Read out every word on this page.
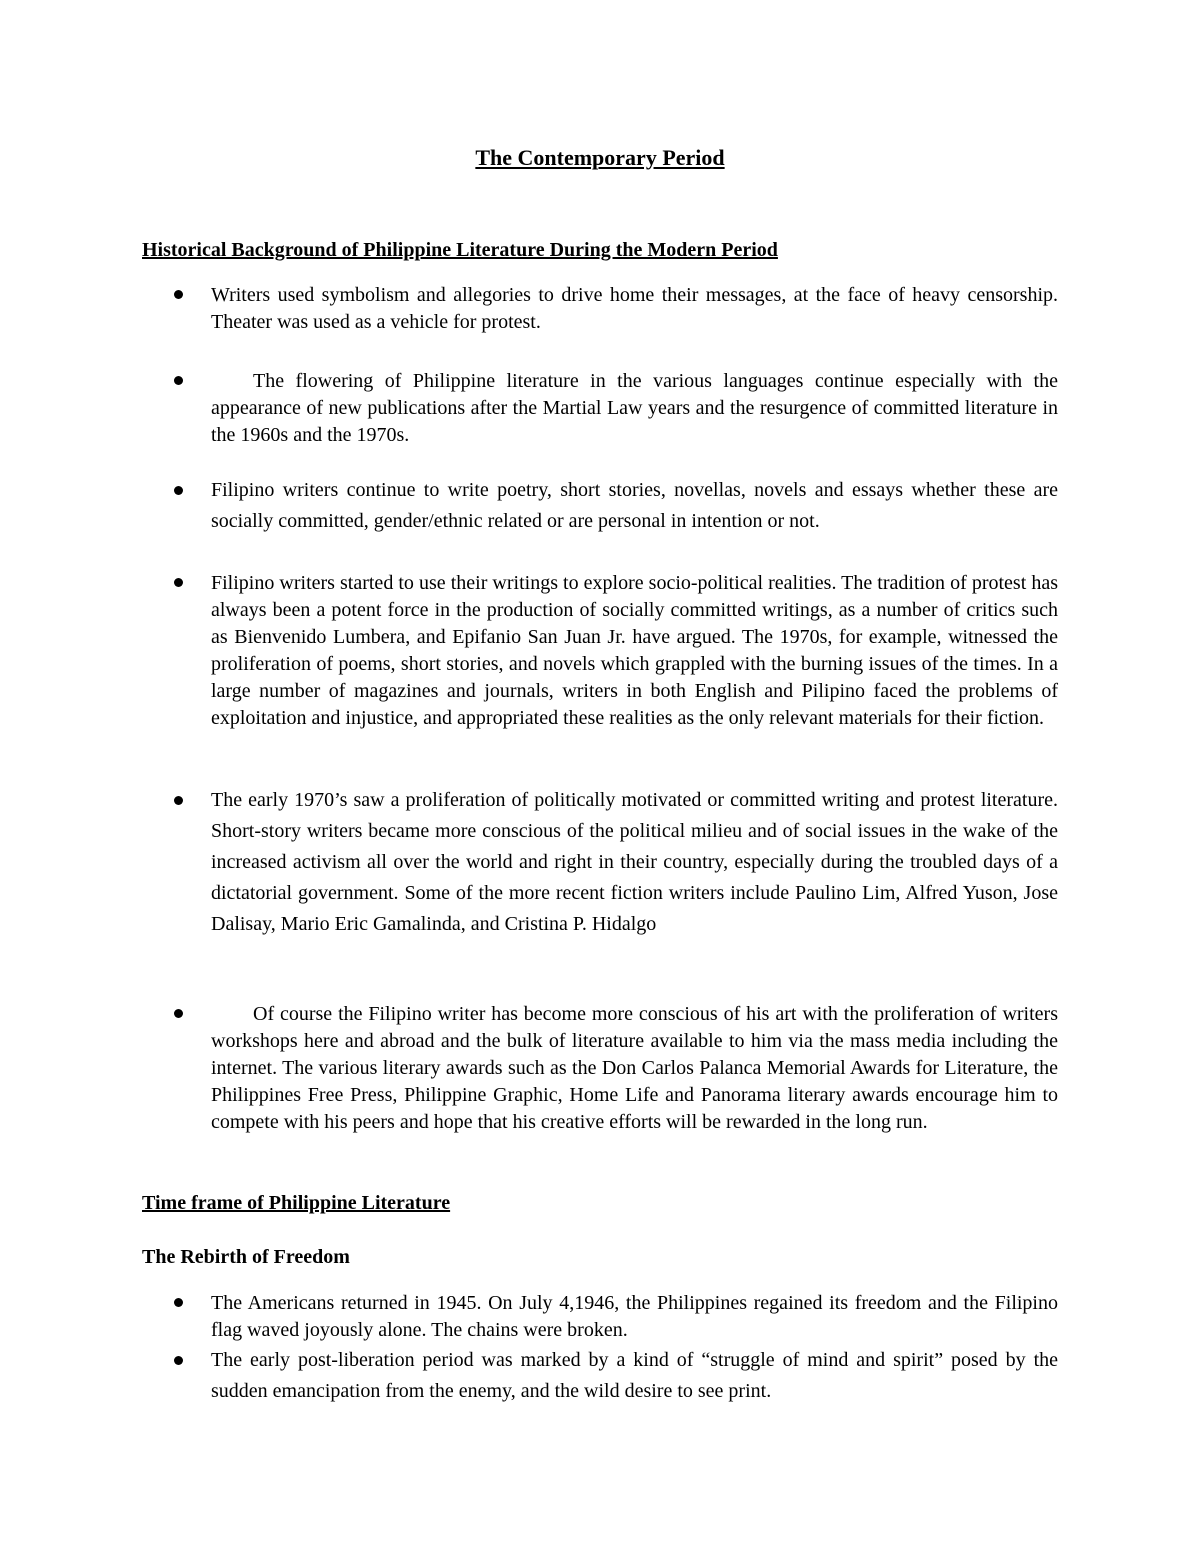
The Contemporary Period
Historical Background of Philippine Literature During the Modern Period

Writers used symbolism and allegories to drive home their messages, at the face of heavy censorship. Theater was used as a vehicle for protest.

The flowering of Philippine literature in the various languages continue especially with the appearance of new publications after the Martial Law years and the resurgence of committed literature in the 1960s and the 1970s.

Filipino writers continue to write poetry, short stories, novellas, novels and essays whether these are socially committed, gender/ethnic related or are personal in intention or not.

Filipino writers started to use their writings to explore socio-political realities. The tradition of protest has always been a potent force in the production of socially committed writings, as a number of critics such as Bienvenido Lumbera, and Epifanio San Juan Jr. have argued. The 1970s, for example, witnessed the proliferation of poems, short stories, and novels which grappled with the burning issues of the times. In a large number of magazines and journals, writers in both English and Pilipino faced the problems of exploitation and injustice, and appropriated these realities as the only relevant materials for their fiction.

The early 1970’s saw a proliferation of politically motivated or committed writing and protest literature. Short-story writers became more conscious of the political milieu and of social issues in the wake of the increased activism all over the world and right in their country, especially during the troubled days of a dictatorial government. Some of the more recent fiction writers include Paulino Lim, Alfred Yuson, Jose Dalisay, Mario Eric Gamalinda, and Cristina P. Hidalgo

Of course the Filipino writer has become more conscious of his art with the proliferation of writers workshops here and abroad and the bulk of literature available to him via the mass media including the internet. The various literary awards such as the Don Carlos Palanca Memorial Awards for Literature, the Philippines Free Press, Philippine Graphic, Home Life and Panorama literary awards encourage him to compete with his peers and hope that his creative efforts will be rewarded in the long run.

Time frame of Philippine Literature
The Rebirth of Freedom

The Americans returned in 1945. On July 4,1946, the Philippines regained its freedom and the Filipino flag waved joyously alone. The chains were broken.

The early post-liberation period was marked by a kind of “struggle of mind and spirit” posed by the sudden emancipation from the enemy, and the wild desire to see print.
